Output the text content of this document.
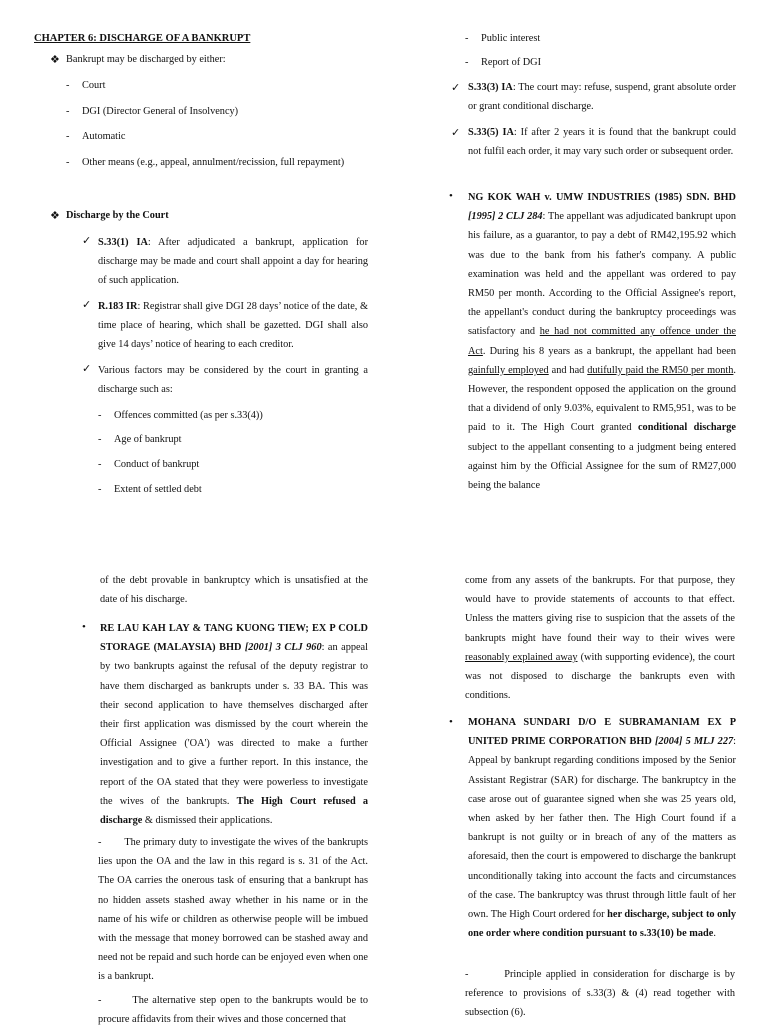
CHAPTER 6: DISCHARGE OF A BANKRUPT
❖ Bankrupt may be discharged by either:
- Court
- DGI (Director General of Insolvency)
- Automatic
- Other means (e.g., appeal, annulment/recission, full repayment)
❖ Discharge by the Court
✓ S.33(1) IA: After adjudicated a bankrupt, application for discharge may be made and court shall appoint a day for hearing of such application.

✓ R.183 IR: Registrar shall give DGI 28 days’ notice of the date, & time place of hearing, which shall be gazetted. DGI shall also give 14 days’ notice of hearing to each creditor.

✓ Various factors may be considered by the court in granting a discharge such as:

- Offences committed (as per s.33(4))
- Age of bankrupt
- Conduct of bankrupt
- Extent of settled debt
- Public interest
- Report of DGI
✓ S.33(3) IA: The court may: refuse, suspend, grant absolute order or grant conditional discharge.

✓ S.33(5) IA: If after 2 years it is found that the bankrupt could not fulfil each order, it may vary such order or subsequent order.

• NG KOK WAH v. UMW INDUSTRIES (1985) SDN. BHD [1995] 2 CLJ 284: The appellant was adjudicated bankrupt upon his failure, as a guarantor, to pay a debt of RM42,195.92 which was due to the bank from his father's company. A public examination was held and the appellant was ordered to pay RM50 per month. According to the Official Assignee's report, the appellant's conduct during the bankruptcy proceedings was satisfactory and he had not committed any offence under the Act. During his 8 years as a bankrupt, the appellant had been gainfully employed and had dutifully paid the RM50 per month. However, the respondent opposed the application on the ground that a dividend of only 9.03%, equivalent to RM5,951, was to be paid to it. The High Court granted conditional discharge subject to the appellant consenting to a judgment being entered against him by the Official Assignee for the sum of RM27,000 being the balance

of the debt provable in bankruptcy which is unsatisfied at the date of his discharge.

• RE LAU KAH LAY & TANG KUONG TIEW; EX P COLD STORAGE (MALAYSIA) BHD [2001] 3 CLJ 960: an appeal by two bankrupts against the refusal of the deputy registrar to have them discharged as bankrupts under s. 33 BA. This was their second application to have themselves discharged after their first application was dismissed by the court wherein the Official Assignee ('OA') was directed to make a further investigation and to give a further report. In this instance, the report of the OA stated that they were powerless to investigate the wives of the bankrupts. The High Court refused a discharge & dismissed their applications.

-        The primary duty to investigate the wives of the bankrupts lies upon the OA and the law in this regard is s. 31 of the Act. The OA carries the onerous task of ensuring that a bankrupt has no hidden assets stashed away whether in his name or in the name of his wife or children as otherwise people will be imbued with the message that money borrowed can be stashed away and need not be repaid and such horde can be enjoyed even when one is a bankrupt.

-        The alternative step open to the bankrupts would be to procure affidavits from their wives and those concerned that

come from any assets of the bankrupts. For that purpose, they would have to provide statements of accounts to that effect. Unless the matters giving rise to suspicion that the assets of the bankrupts might have found their way to their wives were reasonably explained away (with supporting evidence), the court was not disposed to discharge the bankrupts even with conditions.

• MOHANA SUNDARI D/O E SUBRAMANIAM EX P UNITED PRIME CORPORATION BHD [2004] 5 MLJ 227: Appeal by bankrupt regarding conditions imposed by the Senior Assistant Registrar (SAR) for discharge. The bankruptcy in the case arose out of guarantee signed when she was 25 years old, when asked by her father then. The High Court found if a bankrupt is not guilty or in breach of any of the matters as aforesaid, then the court is empowered to discharge the bankrupt unconditionally taking into account the facts and circumstances of the case. The bankruptcy was thrust through little fault of her own. The High Court ordered for her discharge, subject to only one order where condition pursuant to s.33(10) be made.

-        Principle applied in consideration for discharge is by reference to provisions of s.33(3) & (4) read together with subsection (6).
